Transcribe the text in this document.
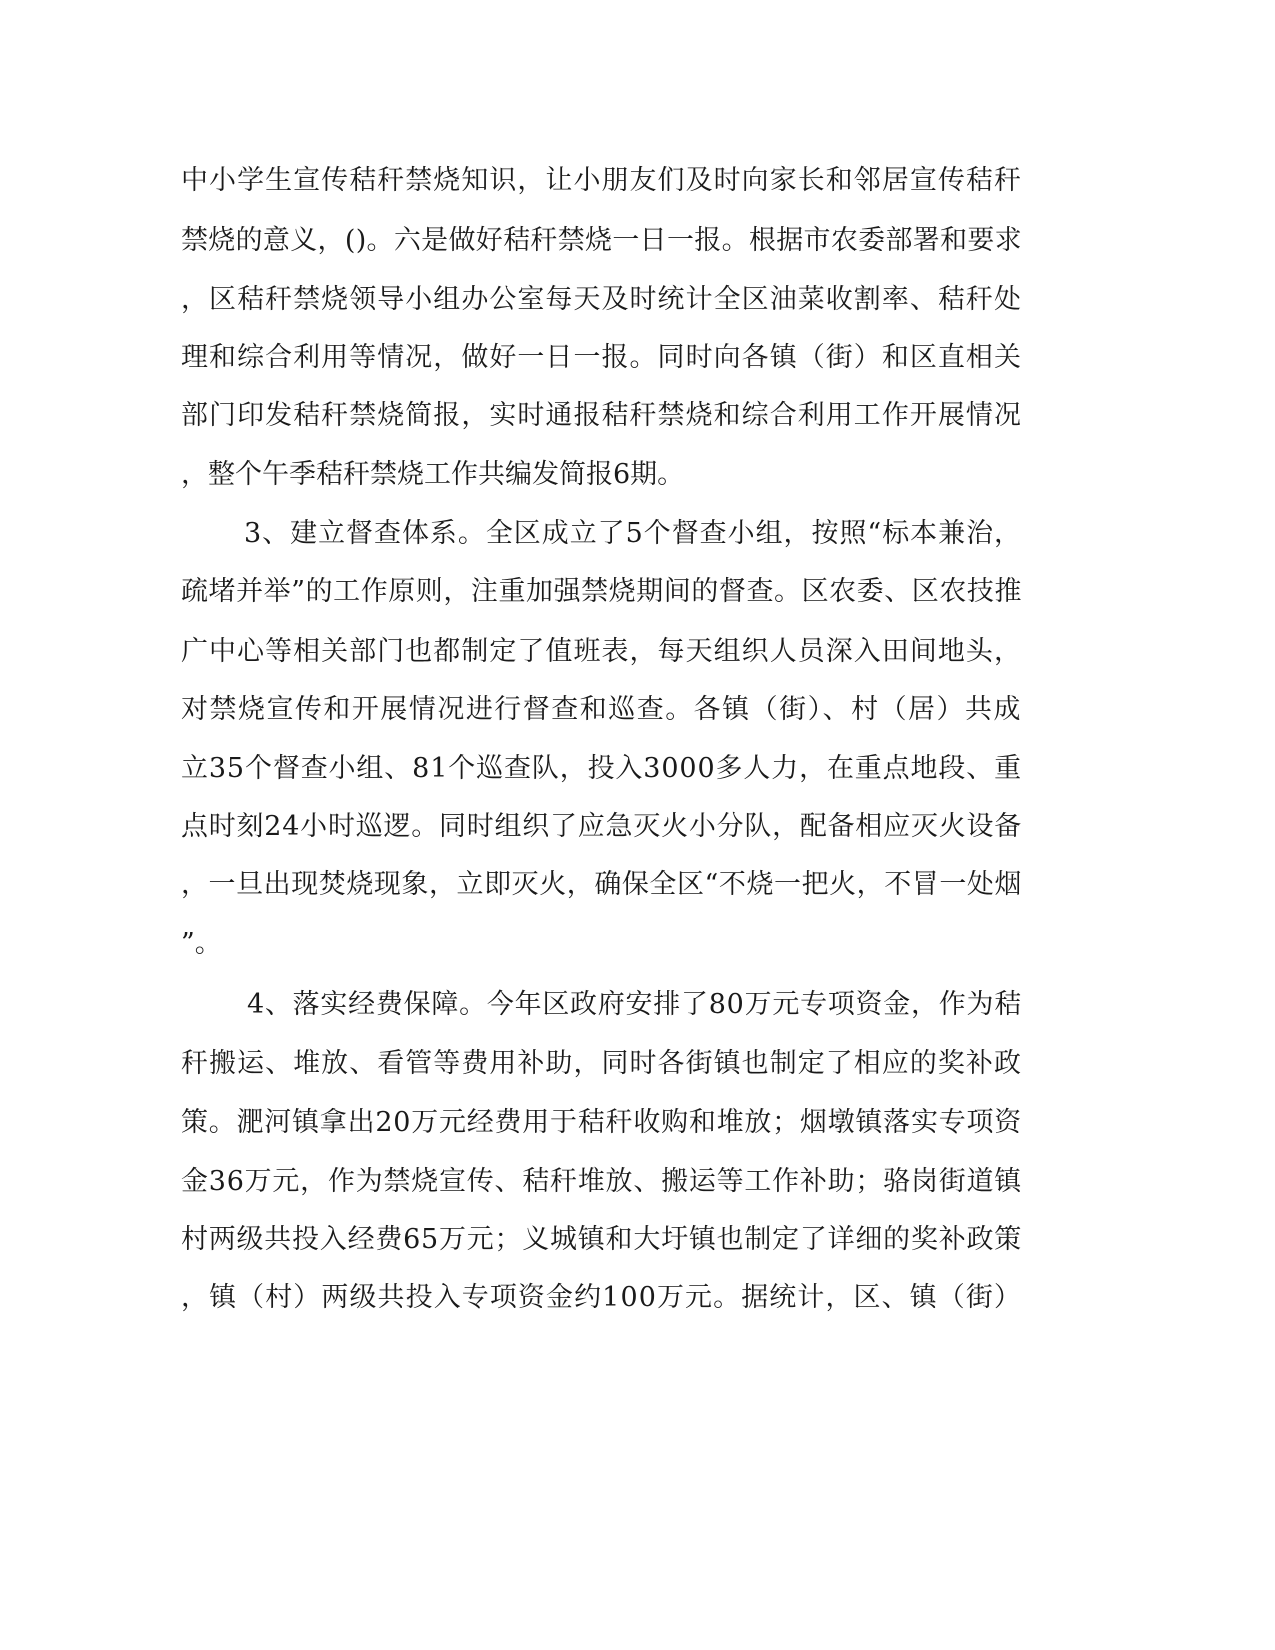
中小学生宣传秸秆禁烧知识，让小朋友们及时向家长和邻居宣传秸秆
禁烧的意义，()。六是做好秸秆禁烧一日一报。根据市农委部署和要求
，区秸秆禁烧领导小组办公室每天及时统计全区油菜收割率、秸秆处
理和综合利用等情况，做好一日一报。同时向各镇（街）和区直相关
部门印发秸秆禁烧简报，实时通报秸秆禁烧和综合利用工作开展情况
，整个午季秸秆禁烧工作共编发简报6期。
3、建立督查体系。全区成立了5个督查小组，按照“标本兼治，
疏堵并举”的工作原则，注重加强禁烧期间的督查。区农委、区农技推
广中心等相关部门也都制定了值班表，每天组织人员深入田间地头，
对禁烧宣传和开展情况进行督查和巡查。各镇（街）、村（居）共成
立35个督查小组、81个巡查队，投入3000多人力，在重点地段、重
点时刻24小时巡逻。同时组织了应急灭火小分队，配备相应灭火设备
，一旦出现焚烧现象，立即灭火，确保全区“不烧一把火，不冒一处烟
”。
4、落实经费保障。今年区政府安排了80万元专项资金，作为秸
秆搬运、堆放、看管等费用补助，同时各街镇也制定了相应的奖补政
策。淝河镇拿出20万元经费用于秸秆收购和堆放；烟墩镇落实专项资
金36万元，作为禁烧宣传、秸秆堆放、搬运等工作补助；骆岗街道镇
村两级共投入经费65万元；义城镇和大圩镇也制定了详细的奖补政策
，镇（村）两级共投入专项资金约100万元。据统计，区、镇（街）
